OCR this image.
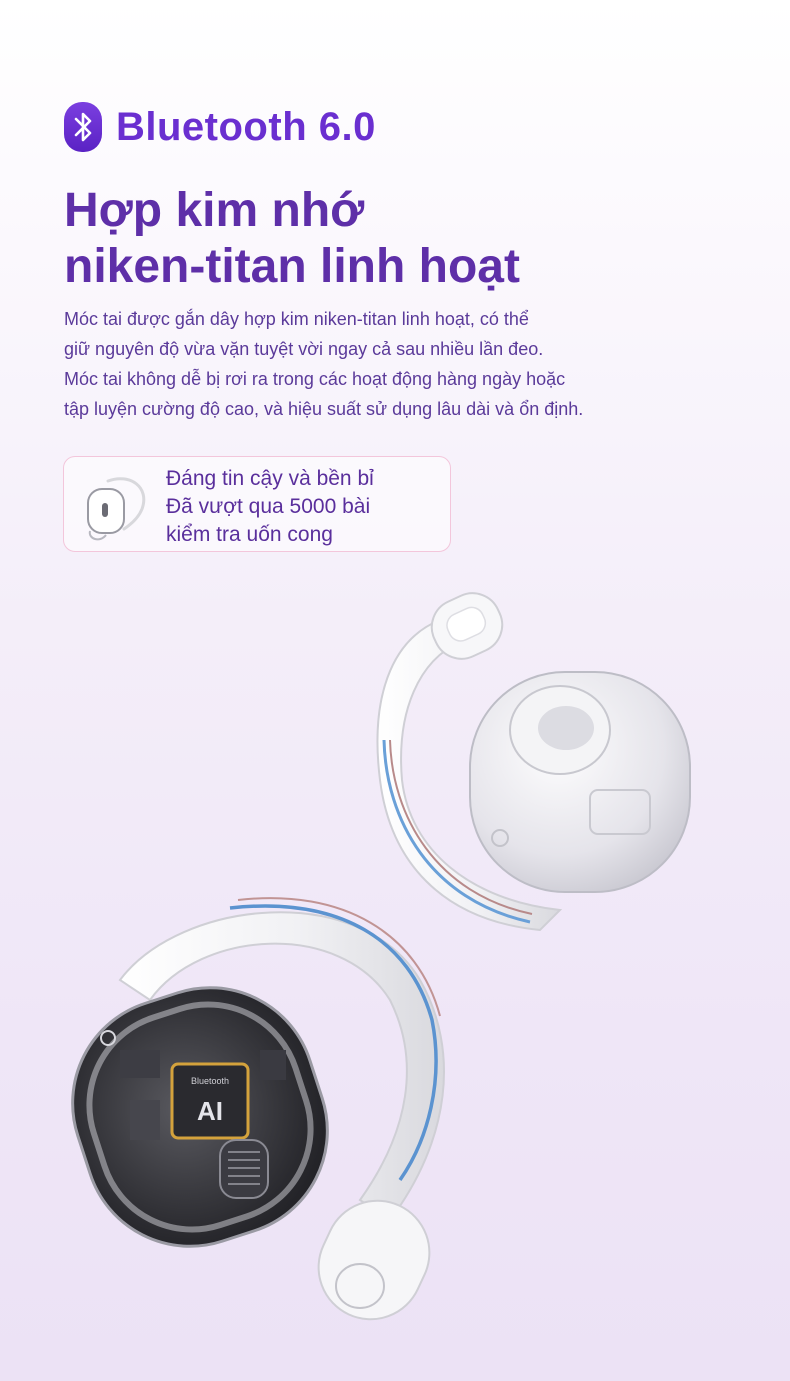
Bluetooth 6.0
Hợp kim nhớ
niken-titan linh hoạt

Móc tai được gắn dây hợp kim niken-titan linh hoạt, có thể
giữ nguyên độ vừa vặn tuyệt vời ngay cả sau nhiều lần đeo.
Móc tai không dễ bị rơi ra trong các hoạt động hàng ngày hoặc
tập luyện cường độ cao, và hiệu suất sử dụng lâu dài và ổn định.

Đáng tin cậy và bền bỉ
Đã vượt qua 5000 bài
kiểm tra uốn cong
Bluetooth
AI
